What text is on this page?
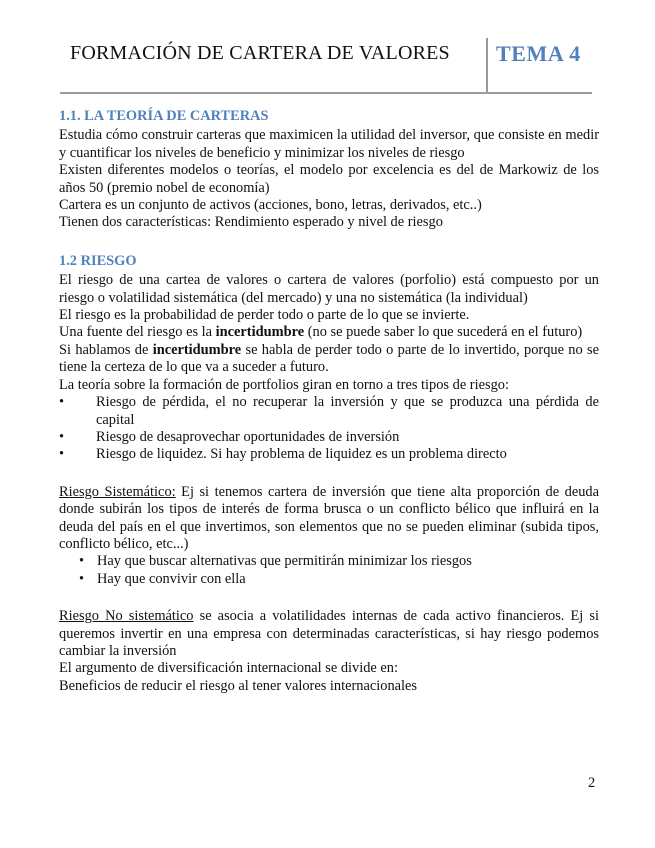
FORMACIÓN DE CARTERA DE VALORES TEMA 4
1.1. LA TEORÍA DE CARTERAS

Estudia cómo construir carteras que maximicen la utilidad del inversor, que consiste en medir y cuantificar los niveles de beneficio y minimizar los niveles de riesgo

Existen diferentes modelos o teorías, el modelo por excelencia es del de Markowiz de los años 50 (premio nobel de economía)

Cartera es un conjunto de activos (acciones, bono, letras, derivados, etc..)

Tienen dos características: Rendimiento esperado y nivel de riesgo

1.2 RIESGO

El riesgo de una cartea de valores o cartera de valores (porfolio) está compuesto por un riesgo o volatilidad sistemática (del mercado) y una no sistemática (la individual)

El riesgo es la probabilidad de perder todo o parte de lo que se invierte.

Una fuente del riesgo es la incertidumbre (no se puede saber lo que sucederá en el futuro)

Si hablamos de incertidumbre se habla de perder todo o parte de lo invertido, porque no se tiene la certeza de lo que va a suceder a futuro.

La teoría sobre la formación de portfolios giran en torno a tres tipos de riesgo:

• Riesgo de pérdida, el no recuperar la inversión y que se produzca una pérdida de capital
• Riesgo de desaprovechar oportunidades de inversión
• Riesgo de liquidez. Si hay problema de liquidez es un problema directo

Riesgo Sistemático: Ej si tenemos cartera de inversión que tiene alta proporción de deuda donde subirán los tipos de interés de forma brusca o un conflicto bélico que influirá en la deuda del país en el que invertimos, son elementos que no se pueden eliminar (subida tipos, conflicto bélico, etc...)

• Hay que buscar alternativas que permitirán minimizar los riesgos
• Hay que convivir con ella

Riesgo No sistemático se asocia a volatilidades internas de cada activo financieros. Ej si queremos invertir en una empresa con determinadas características, si hay riesgo podemos cambiar la inversión

El argumento de diversificación internacional se divide en:

Beneficios de reducir el riesgo al tener valores internacionales

2
